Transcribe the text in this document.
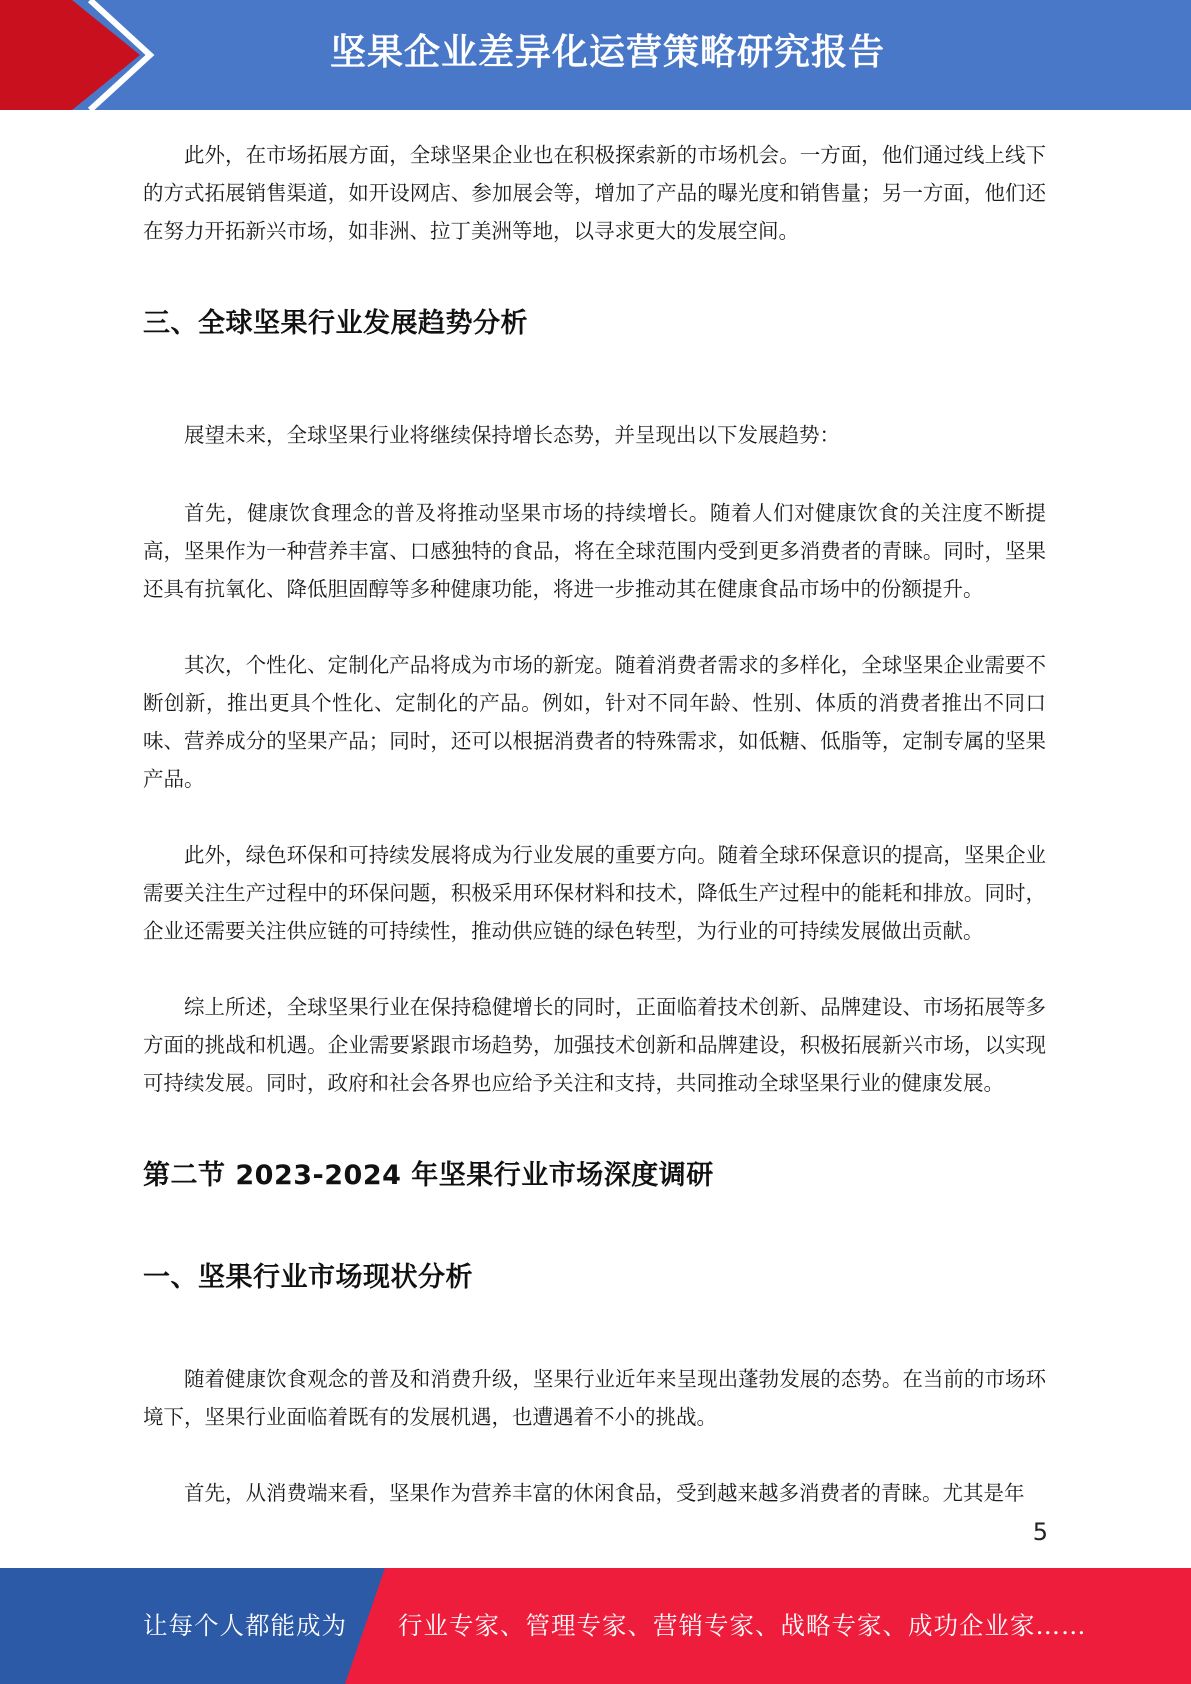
坚果企业差异化运营策略研究报告

此外，在市场拓展方面，全球坚果企业也在积极探索新的市场机会。一方面，他们通过线上线下的方式拓展销售渠道，如开设网店、参加展会等，增加了产品的曝光度和销售量；另一方面，他们还在努力开拓新兴市场，如非洲、拉丁美洲等地，以寻求更大的发展空间。

三、全球坚果行业发展趋势分析

展望未来，全球坚果行业将继续保持增长态势，并呈现出以下发展趋势：

首先，健康饮食理念的普及将推动坚果市场的持续增长。随着人们对健康饮食的关注度不断提高，坚果作为一种营养丰富、口感独特的食品，将在全球范围内受到更多消费者的青睐。同时，坚果还具有抗氧化、降低胆固醇等多种健康功能，将进一步推动其在健康食品市场中的份额提升。

其次，个性化、定制化产品将成为市场的新宠。随着消费者需求的多样化，全球坚果企业需要不断创新，推出更具个性化、定制化的产品。例如，针对不同年龄、性别、体质的消费者推出不同口味、营养成分的坚果产品；同时，还可以根据消费者的特殊需求，如低糖、低脂等，定制专属的坚果产品。

此外，绿色环保和可持续发展将成为行业发展的重要方向。随着全球环保意识的提高，坚果企业需要关注生产过程中的环保问题，积极采用环保材料和技术，降低生产过程中的能耗和排放。同时，企业还需要关注供应链的可持续性，推动供应链的绿色转型，为行业的可持续发展做出贡献。

综上所述，全球坚果行业在保持稳健增长的同时，正面临着技术创新、品牌建设、市场拓展等多方面的挑战和机遇。企业需要紧跟市场趋势，加强技术创新和品牌建设，积极拓展新兴市场，以实现可持续发展。同时，政府和社会各界也应给予关注和支持，共同推动全球坚果行业的健康发展。

第二节 2023-2024 年坚果行业市场深度调研
一、坚果行业市场现状分析

随着健康饮食观念的普及和消费升级，坚果行业近年来呈现出蓬勃发展的态势。在当前的市场环境下，坚果行业面临着既有的发展机遇，也遭遇着不小的挑战。

首先，从消费端来看，坚果作为营养丰富的休闲食品，受到越来越多消费者的青睐。尤其是年

5
让每个人都能成为 行业专家、管理专家、营销专家、战略专家、成功企业家……
